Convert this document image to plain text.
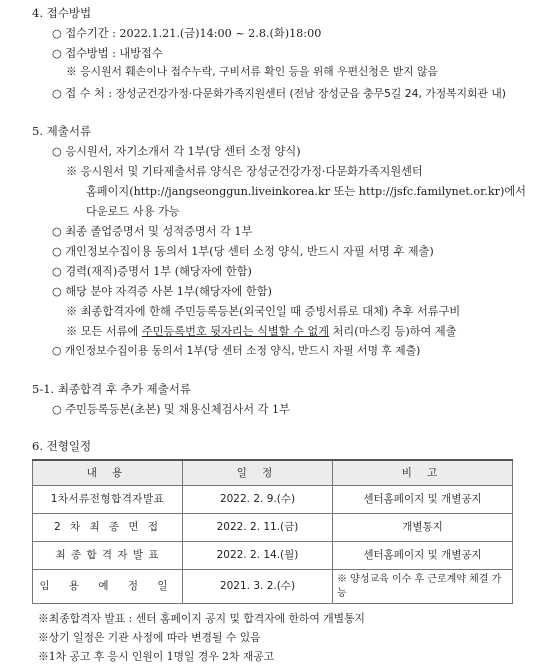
4. 접수방법
○ 접수기간 : 2022.1.21.(금)14:00 ~ 2.8.(화)18:00
○ 접수방법 : 내방접수
※ 응시원서 훼손이나 접수누락, 구비서류 확인 등을 위해 우편신청은 받지 않음
○ 접 수 처 : 장성군건강가정·다문화가족지원센터 (전남 장성군읍 충무5길 24, 가정복지회관 내)
5. 제출서류
○ 응시원서, 자기소개서 각 1부(당 센터 소정 양식)
※ 응시원서 및 기타제출서류 양식은 장성군건강가정·다문화가족지원센터
홈페이지(http://jangseonggun.liveinkorea.kr 또는 http://jsfc.familynet.or.kr)에서
다운로드 사용 가능
○ 최종 졸업증명서 및 성적증명서 각 1부
○ 개인정보수집이용 동의서 1부(당 센터 소정 양식, 반드시 자필 서명 후 제출)
○ 경력(재직)증명서 1부 (해당자에 한함)
○ 해당 분야 자격증 사본 1부(해당자에 한함)
※ 최종합격자에 한해 주민등록등본(외국인일 때 증빙서류로 대체) 추후 서류구비
※ 모든 서류에 주민등록번호 뒷자리는 식별할 수 없게 처리(마스킹 등)하여 제출
○ 개인정보수집이용 동의서 1부(당 센터 소정 양식, 반드시 자필 서명 후 제출)
5-1. 최종합격 후 추가 제출서류
○ 주민등록등본(초본) 및 채용신체검사서 각 1부
6. 전형일정
내 용	일 정	비 고
1차서류전형합격자발표	2022. 2. 9.(수)	센터홈페이지 및 개별공지
2 차 최 종 면 접	2022. 2. 11.(금)	개별통지
최 종 합 격 자 발 표	2022. 2. 14.(월)	센터홈페이지 및 개별공지
임 용 예 정 일	2021. 3. 2.(수)	※ 양성교육 이수 후 근로계약 체결 가능
※최종합격자 발표 : 센터 홈페이지 공지 및 합격자에 한하여 개별통지
※상기 일정은 기관 사정에 따라 변경될 수 있음
※1차 공고 후 응시 인원이 1명일 경우 2차 재공고
